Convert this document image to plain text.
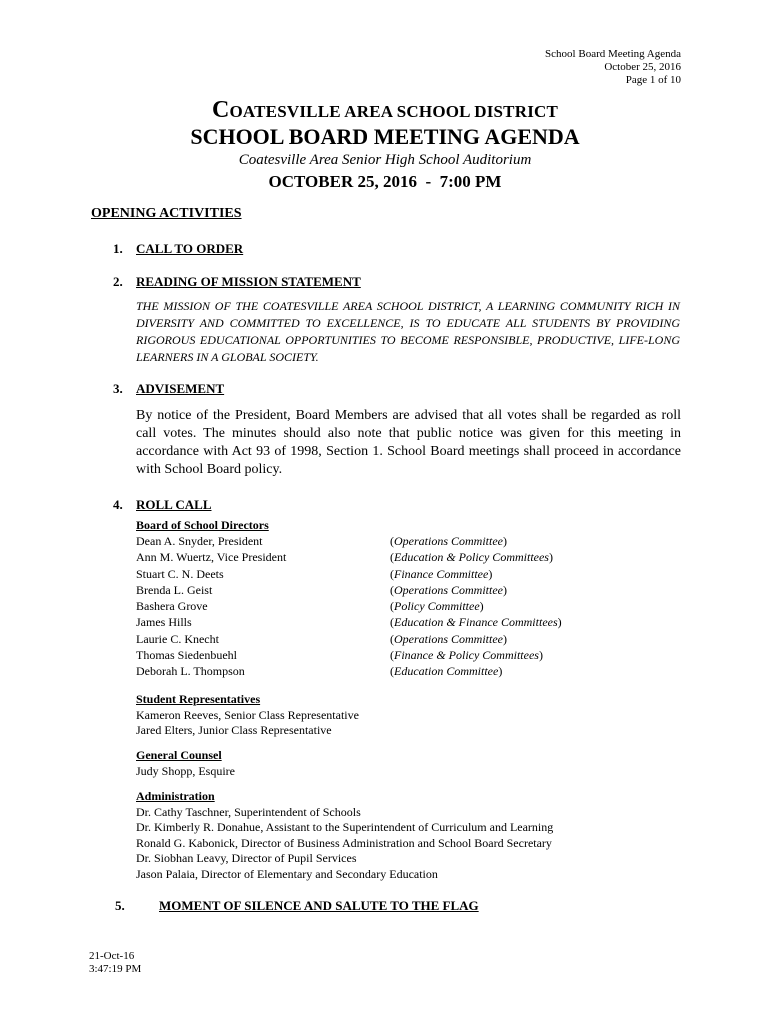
School Board Meeting Agenda
October 25, 2016
Page 1 of 10
COATESVILLE AREA SCHOOL DISTRICT
SCHOOL BOARD MEETING AGENDA
Coatesville Area Senior High School Auditorium
OCTOBER 25, 2016  -  7:00 PM
OPENING ACTIVITIES
1.	CALL TO ORDER
2.	READING OF MISSION STATEMENT
THE MISSION OF THE COATESVILLE AREA SCHOOL DISTRICT, A LEARNING COMMUNITY RICH IN DIVERSITY AND COMMITTED TO EXCELLENCE, IS TO EDUCATE ALL STUDENTS BY PROVIDING RIGOROUS EDUCATIONAL OPPORTUNITIES TO BECOME RESPONSIBLE, PRODUCTIVE, LIFE-LONG LEARNERS IN A GLOBAL SOCIETY.
3.	ADVISEMENT
By notice of the President, Board Members are advised that all votes shall be regarded as roll call votes. The minutes should also note that public notice was given for this meeting in accordance with Act 93 of 1998, Section 1. School Board meetings shall proceed in accordance with School Board policy.
4.	ROLL CALL
Board of School Directors
Dean A. Snyder, President	(Operations Committee)
Ann M. Wuertz, Vice President	(Education & Policy Committees)
Stuart C. N. Deets	(Finance Committee)
Brenda L. Geist	(Operations Committee)
Bashera Grove	(Policy Committee)
James Hills	(Education & Finance Committees)
Laurie C. Knecht	(Operations Committee)
Thomas Siedenbuehl	(Finance & Policy Committees)
Deborah L. Thompson	(Education Committee)
Student Representatives
Kameron Reeves, Senior Class Representative
Jared Elters, Junior Class Representative
General Counsel
Judy Shopp, Esquire
Administration
Dr. Cathy Taschner, Superintendent of Schools
Dr. Kimberly R. Donahue, Assistant to the Superintendent of Curriculum and Learning
Ronald G. Kabonick, Director of Business Administration and School Board Secretary
Dr. Siobhan Leavy, Director of Pupil Services
Jason Palaia, Director of Elementary and Secondary Education
5.	MOMENT OF SILENCE AND SALUTE TO THE FLAG
21-Oct-16
3:47:19 PM
